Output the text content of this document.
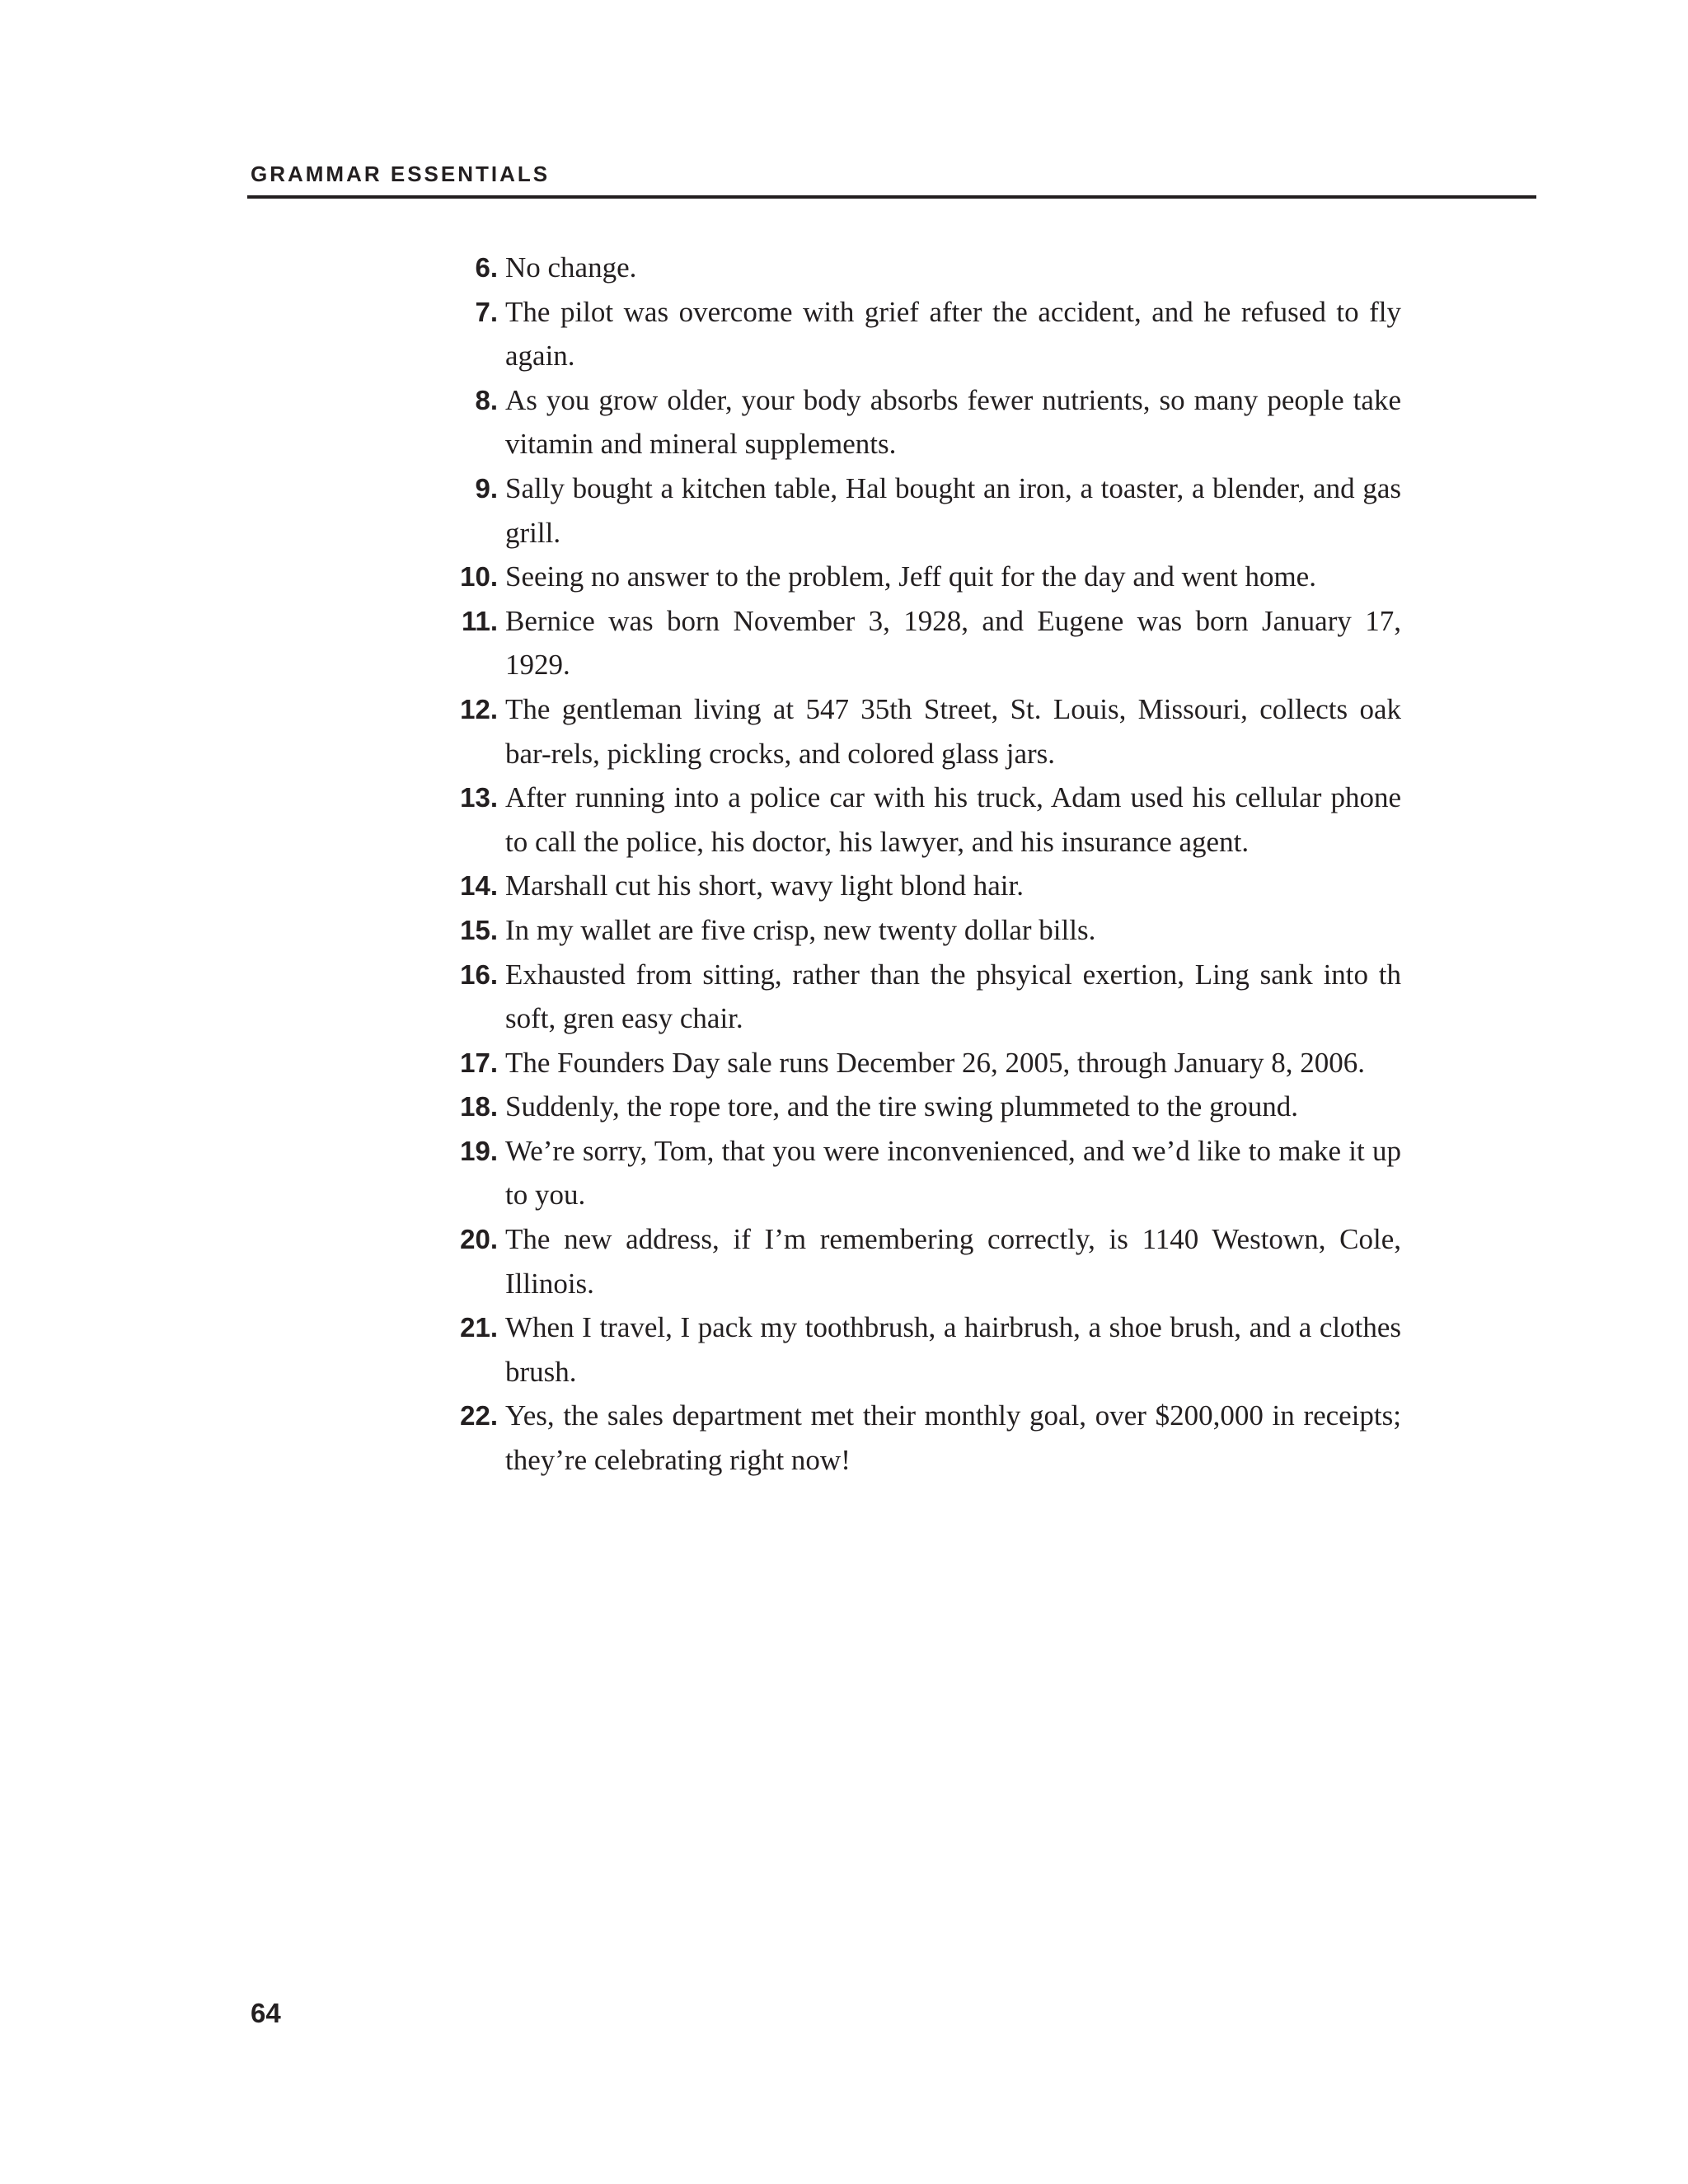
GRAMMAR ESSENTIALS
6. No change.
7. The pilot was overcome with grief after the accident, and he refused to fly again.
8. As you grow older, your body absorbs fewer nutrients, so many people take vitamin and mineral supplements.
9. Sally bought a kitchen table, Hal bought an iron, a toaster, a blender, and gas grill.
10. Seeing no answer to the problem, Jeff quit for the day and went home.
11. Bernice was born November 3, 1928, and Eugene was born January 17, 1929.
12. The gentleman living at 547 35th Street, St. Louis, Missouri, collects oak bar-rels, pickling crocks, and colored glass jars.
13. After running into a police car with his truck, Adam used his cellular phone to call the police, his doctor, his lawyer, and his insurance agent.
14. Marshall cut his short, wavy light blond hair.
15. In my wallet are five crisp, new twenty dollar bills.
16. Exhausted from sitting, rather than the phsyical exertion, Ling sank into th soft, gren easy chair.
17. The Founders Day sale runs December 26, 2005, through January 8, 2006.
18. Suddenly, the rope tore, and the tire swing plummeted to the ground.
19. We’re sorry, Tom, that you were inconvenienced, and we’d like to make it up to you.
20. The new address, if I’m remembering correctly, is 1140 Westown, Cole, Illinois.
21. When I travel, I pack my toothbrush, a hairbrush, a shoe brush, and a clothes brush.
22. Yes, the sales department met their monthly goal, over $200,000 in receipts; they’re celebrating right now!
64
